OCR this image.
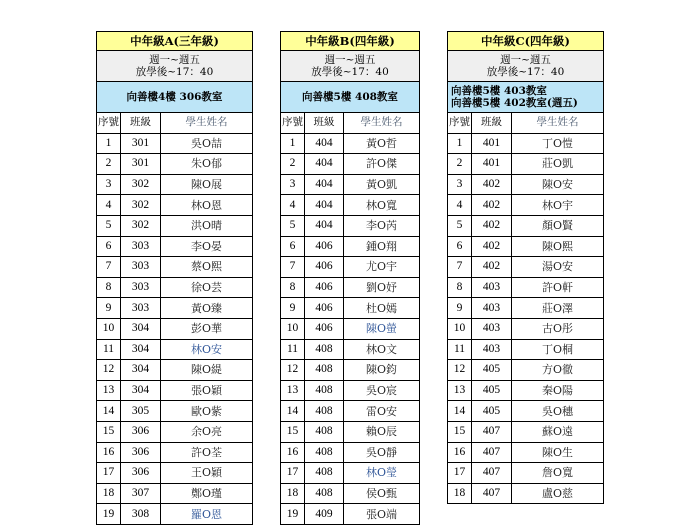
中年級A(三年級)		

週一~週五
放學後~17：40		

向善樓4樓 306教室		

序號	班級	學生姓名
1	301	吳O喆
2	301	朱O郁
3	302	陳O展
4	302	林O恩
5	302	洪O晴
6	303	李O晏
7	303	蔡O熙
8	303	徐O芸
9	303	黃O臻
10	304	彭O華
11	304	林O安
12	304	陳O緹
13	304	張O穎
14	305	歐O紫
15	306	余O亮
16	306	許O荃
17	306	王O穎
18	307	鄭O瑾
19	308	羅O恩
中年級B(四年級)		

週一~週五
放學後~17：40		

向善樓5樓 408教室		

序號	班級	學生姓名
1	404	黃O哲
2	404	許O傑
3	404	黃O凱
4	404	林O寬
5	404	李O芮
6	406	鍾O翔
7	406	尤O宇
8	406	劉O妤
9	406	杜O嫣
10	406	陳O螢
11	408	林O文
12	408	陳O鈞
13	408	吳O宸
14	408	雷O安
15	408	賴O辰
16	408	吳O靜
17	408	林O瑩
18	408	侯O甄
19	409	張O端
中年級C(四年級)		

週一~週五
放學後~17：40		

向善樓5樓 403教室
向善樓5樓 402教室(週五)		

序號	班級	學生姓名
1	401	丁O愷
2	401	莊O凱
3	402	陳O安
4	402	林O宇
5	402	顏O賢
6	402	陳O熙
7	402	湯O安
8	403	許O軒
9	403	莊O澤
10	403	古O彤
11	403	丁O桐
12	405	方O徹
13	405	秦O陽
14	405	吳O穗
15	407	蘇O遠
16	407	陳O生
17	407	詹O寬
18	407	盧O慈
